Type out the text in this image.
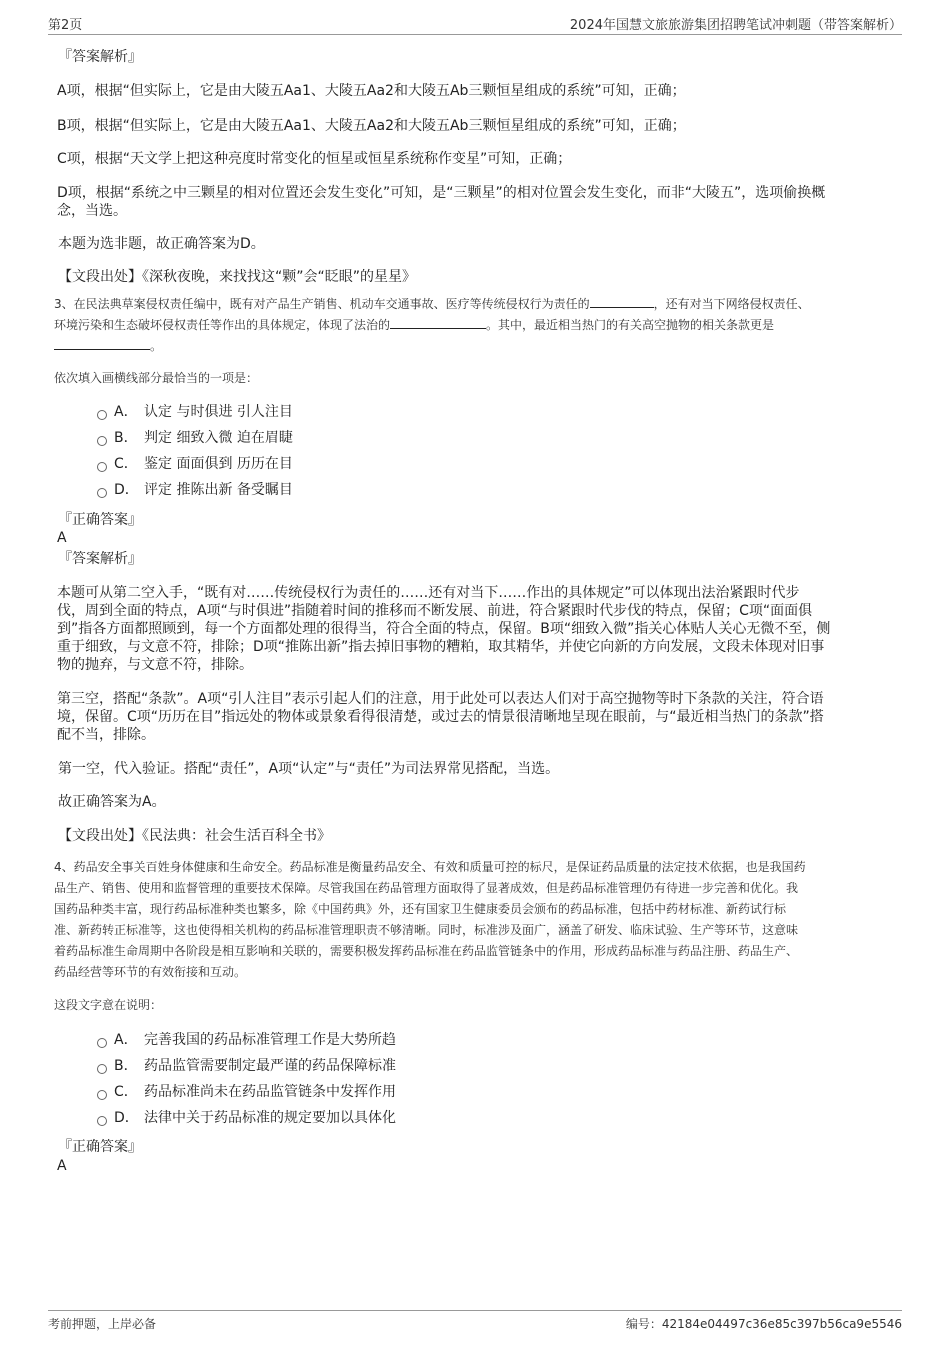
第2页	2024年国慧文旅旅游集团招聘笔试冲刺题（带答案解析）
『答案解析』
A项，根据“但实际上，它是由大陵五Aa1、大陵五Aa2和大陵五Ab三颗恒星组成的系统”可知，正确；
B项，根据“但实际上，它是由大陵五Aa1、大陵五Aa2和大陵五Ab三颗恒星组成的系统”可知，正确；
C项，根据“天文学上把这种亮度时常变化的恒星或恒星系统称作变星”可知，正确；
D项，根据“系统之中三颗星的相对位置还会发生变化”可知，是“三颗星”的相对位置会发生变化，而非“大陵五”，选项偷换概
念，当选。
本题为选非题，故正确答案为D。
【文段出处】《深秋夜晚，来找找这“颗”会“眨眼”的星星》
3、在民法典草案侵权责任编中，既有对产品生产销售、机动车交通事故、医疗等传统侵权行为责任的	，还有对当下网络侵权责任、
环境污染和生态破坏侵权责任等作出的具体规定，体现了法治的	。其中，最近相当热门的有关高空抛物的相关条款更是
。
依次填入画横线部分最恰当的一项是：
A． 认定 与时俱进 引人注目
B． 判定 细致入微 迫在眉睫
C． 鉴定 面面俱到 历历在目
D． 评定 推陈出新 备受瞩目
『正确答案』
A
『答案解析』
本题可从第二空入手，“既有对……传统侵权行为责任的……还有对当下……作出的具体规定”可以体现出法治紧跟时代步
伐，周到全面的特点，A项“与时俱进”指随着时间的推移而不断发展、前进，符合紧跟时代步伐的特点，保留；C项“面面俱
到”指各方面都照顾到，每一个方面都处理的很得当，符合全面的特点，保留。B项“细致入微”指关心体贴人关心无微不至，侧
重于细致，与文意不符，排除；D项“推陈出新”指去掉旧事物的糟粕，取其精华，并使它向新的方向发展，文段未体现对旧事
物的抛弃，与文意不符，排除。
第三空，搭配“条款”。A项“引人注目”表示引起人们的注意，用于此处可以表达人们对于高空抛物等时下条款的关注，符合语
境，保留。C项“历历在目”指远处的物体或景象看得很清楚，或过去的情景很清晰地呈现在眼前，与“最近相当热门的条款”搭
配不当，排除。
第一空，代入验证。搭配“责任”，A项“认定”与“责任”为司法界常见搭配，当选。
故正确答案为A。
【文段出处】《民法典：社会生活百科全书》
4、药品安全事关百姓身体健康和生命安全。药品标准是衡量药品安全、有效和质量可控的标尺，是保证药品质量的法定技术依据，也是我国药
品生产、销售、使用和监督管理的重要技术保障。尽管我国在药品管理方面取得了显著成效，但是药品标准管理仍有待进一步完善和优化。我
国药品种类丰富，现行药品标准种类也繁多，除《中国药典》外，还有国家卫生健康委员会颁布的药品标准，包括中药材标准、新药试行标
准、新药转正标准等，这也使得相关机构的药品标准管理职责不够清晰。同时，标准涉及面广，涵盖了研发、临床试验、生产等环节，这意味
着药品标准生命周期中各阶段是相互影响和关联的，需要积极发挥药品标准在药品监管链条中的作用，形成药品标准与药品注册、药品生产、
药品经营等环节的有效衔接和互动。
这段文字意在说明：
A． 完善我国的药品标准管理工作是大势所趋
B． 药品监管需要制定最严谨的药品保障标准
C． 药品标准尚未在药品监管链条中发挥作用
D． 法律中关于药品标准的规定要加以具体化
『正确答案』
A
考前押题，上岸必备	编号：42184e04497c36e85c397b56ca9e5546
